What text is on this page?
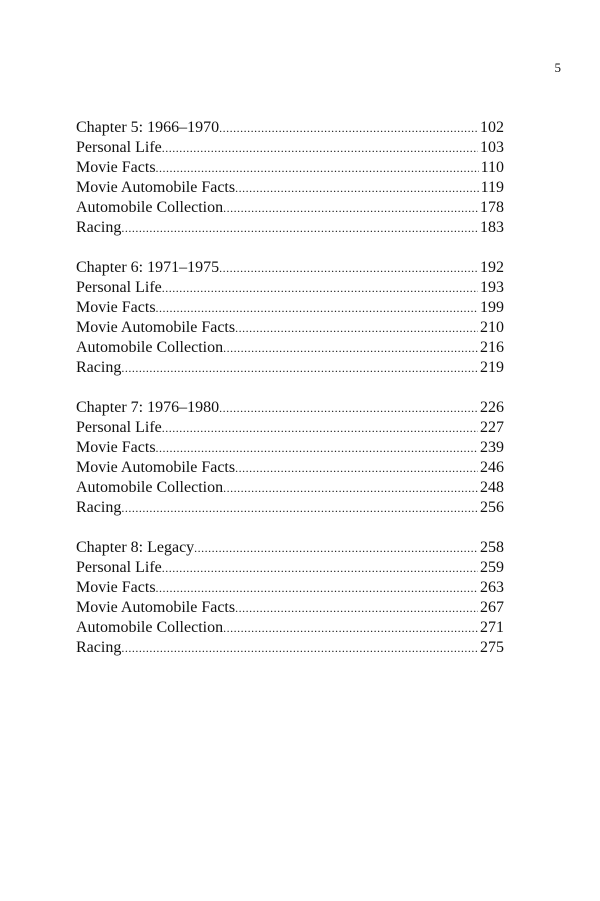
5
Chapter 5: 1966–1970 .....	102
Personal Life .....	103
Movie Facts .....	110
Movie Automobile Facts .....	119
Automobile Collection .....	178
Racing .....	183
Chapter 6: 1971–1975 .....	192
Personal Life .....	193
Movie Facts .....	199
Movie Automobile Facts .....	210
Automobile Collection .....	216
Racing .....	219
Chapter 7: 1976–1980 .....	226
Personal Life .....	227
Movie Facts .....	239
Movie Automobile Facts .....	246
Automobile Collection .....	248
Racing .....	256
Chapter 8: Legacy .....	258
Personal Life .....	259
Movie Facts .....	263
Movie Automobile Facts .....	267
Automobile Collection .....	271
Racing .....	275
